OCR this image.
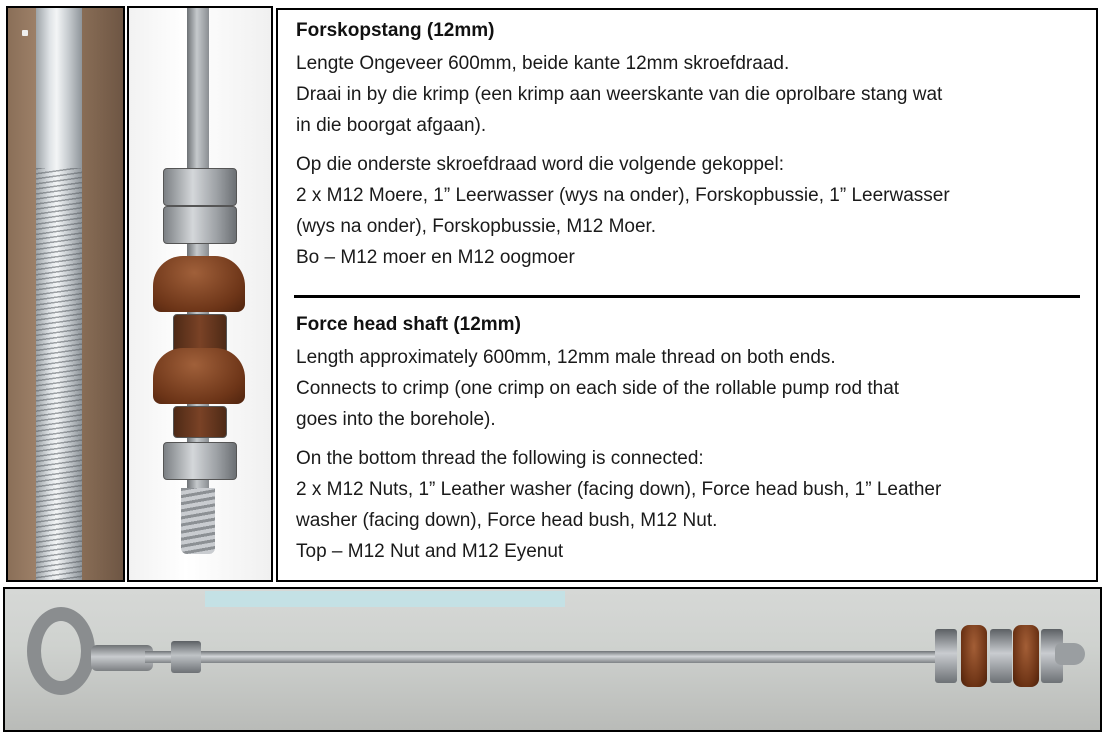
Forskopstang (12mm)

Lengte Ongeveer 600mm, beide kante 12mm skroefdraad.

Draai in by die krimp (een krimp aan weerskante van die oprolbare stang wat

in die boorgat afgaan).

Op die onderste skroefdraad word die volgende gekoppel:

2 x M12 Moere, 1” Leerwasser (wys na onder), Forskopbussie, 1” Leerwasser

(wys na onder), Forskopbussie, M12 Moer.

Bo – M12 moer en M12 oogmoer

Force head shaft (12mm)

Length approximately 600mm, 12mm male thread on both ends.

Connects to crimp (one crimp on each side of the rollable pump rod that

goes into the borehole).

On the bottom thread the following is connected:

2 x M12 Nuts, 1” Leather washer (facing down), Force head bush, 1” Leather

washer (facing down), Force head bush, M12 Nut.

Top – M12 Nut and M12 Eyenut
